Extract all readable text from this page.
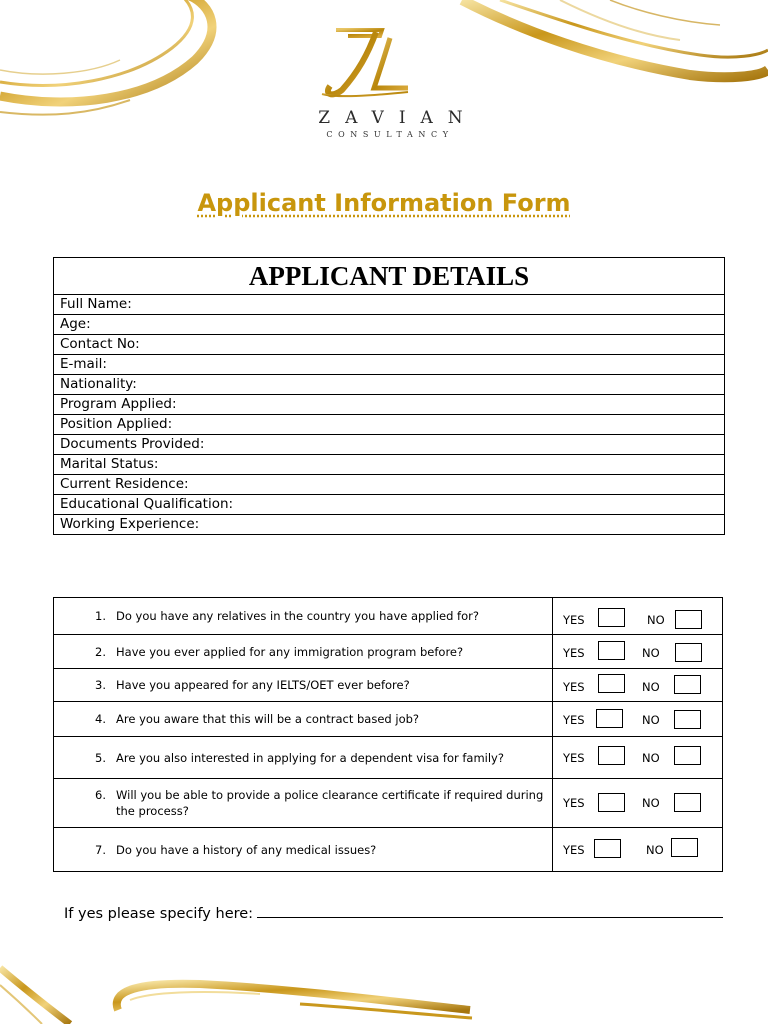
ZAVIAN
CONSULTANCY
Applicant Information Form
APPLICANT DETAILS
Full Name:
Age:
Contact No:
E-mail:
Nationality:
Program Applied:
Position Applied:
Documents Provided:
Marital Status:
Current Residence:
Educational Qualification:
Working Experience:
1. Do you have any relatives in the country you have applied for?	YES NO

2. Have you ever applied for any immigration program before?	YES NO

3. Have you appeared for any IELTS/OET ever before?	YES NO

4. Are you aware that this will be a contract based job?	YES NO

5. Are you also interested in applying for a dependent visa for family?	YES NO

6. Will you be able to provide a police clearance certificate if required during the process?	YES NO

7. Do you have a history of any medical issues?	YES NO
If yes please specify here:
